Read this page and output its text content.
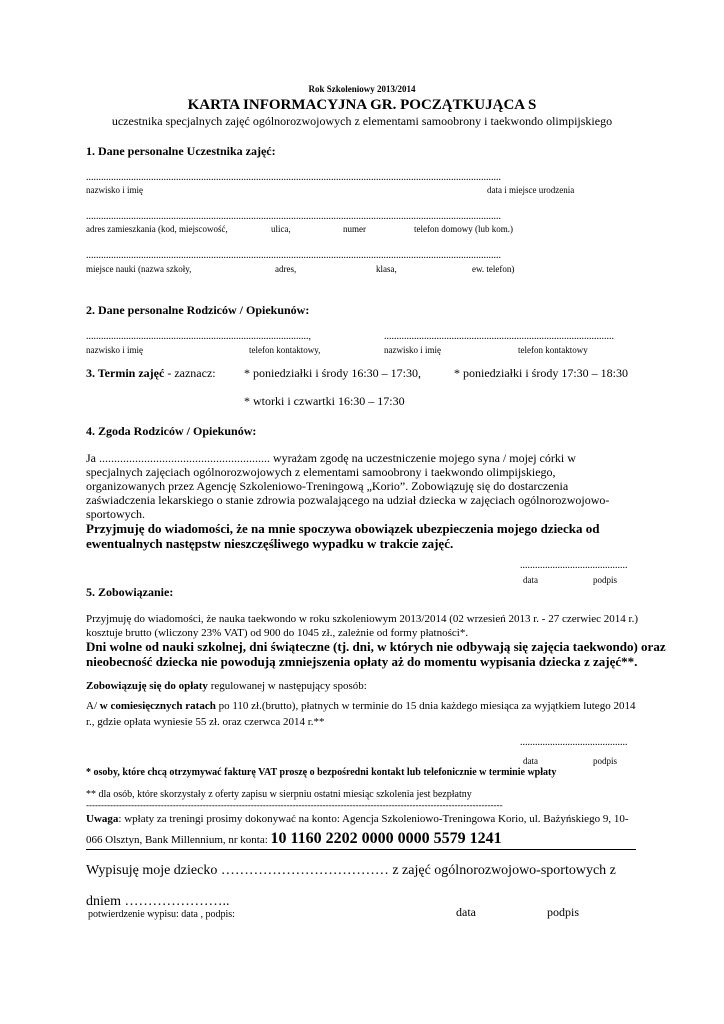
Rok Szkoleniowy 2013/2014
KARTA INFORMACYJNA GR. POCZĄTKUJĄCA S
uczestnika specjalnych zajęć ogólnorozwojowych z elementami samoobrony i taekwondo olimpijskiego
1. Dane personalne Uczestnika zajęć:
......................................................................................................................................................................
nazwisko i imię	data i miejsce urodzenia
......................................................................................................................................................................
adres zamieszkania (kod, miejscowość,	ulica,	numer	telefon domowy (lub kom.)
......................................................................................................................................................................
miejsce nauki (nazwa szkoły,	adres,	klasa,	ew. telefon)
2. Dane personalne Rodziców / Opiekunów:
.........................................................................................,	............................................................................................
nazwisko i imię	telefon kontaktowy,	nazwisko i imię	telefon kontaktowy
3. Termin zajęć - zaznacz: * poniedziałki i środy 16:30 – 17:30,	* poniedziałki i środy 17:30 – 18:30
* wtorki i czwartki 16:30 – 17:30
4. Zgoda Rodziców / Opiekunów:
Ja ......................................................... wyrażam zgodę na uczestniczenie mojego syna / mojej córki w
specjalnych zajęciach ogólnorozwojowych z elementami samoobrony i taekwondo olimpijskiego,
organizowanych przez Agencję Szkoleniowo-Treningową „Korio”. Zobowiązuję się do dostarczenia
zaświadczenia lekarskiego o stanie zdrowia pozwalającego na udział dziecka w zajęciach ogólnorozwojowo-
sportowych.
Przyjmuję do wiadomości, że na mnie spoczywa obowiązek ubezpieczenia mojego dziecka od
ewentualnych następstw nieszczęśliwego wypadku w trakcie zajęć.
...........................................
data	podpis
5. Zobowiązanie:
Przyjmuję do wiadomości, że nauka taekwondo w roku szkoleniowym 2013/2014 (02 wrzesień 2013 r. - 27 czerwiec 2014 r.)
kosztuje brutto (wliczony 23% VAT) od 900 do 1045 zł., zależnie od formy płatności*.
Dni wolne od nauki szkolnej, dni świąteczne (tj. dni, w których nie odbywają się zajęcia taekwondo) oraz
nieobecność dziecka nie powodują zmniejszenia opłaty aż do momentu wypisania dziecka z zajęć**.
Zobowiązuję się do opłaty regulowanej w następujący sposób:
A/ w comiesięcznych ratach po 110 zł.(brutto), płatnych w terminie do 15 dnia każdego miesiąca za wyjątkiem lutego 2014
r., gdzie opłata wyniesie 55 zł. oraz czerwca 2014 r.**
...........................................
data	podpis
* osoby, które chcą otrzymywać fakturę VAT proszę o bezpośredni kontakt lub telefonicznie w terminie wpłaty
** dla osób, które skorzystały z oferty zapisu w sierpniu ostatni miesiąc szkolenia jest bezpłatny
-------------------------------------------------------------------------------------------------------------------------------------------
Uwaga: wpłaty za treningi prosimy dokonywać na konto: Agencja Szkoleniowo-Treningowa Korio, ul. Bażyńskiego 9, 10-
066 Olsztyn, Bank Millennium, nr konta: 10 1160 2202 0000 0000 5579 1241
Wypisuję moje dziecko ……………………………… z zajęć ogólnorozwojowo-sportowych z
dniem …………………..
potwierdzenie wypisu: data , podpis:	data	podpis
